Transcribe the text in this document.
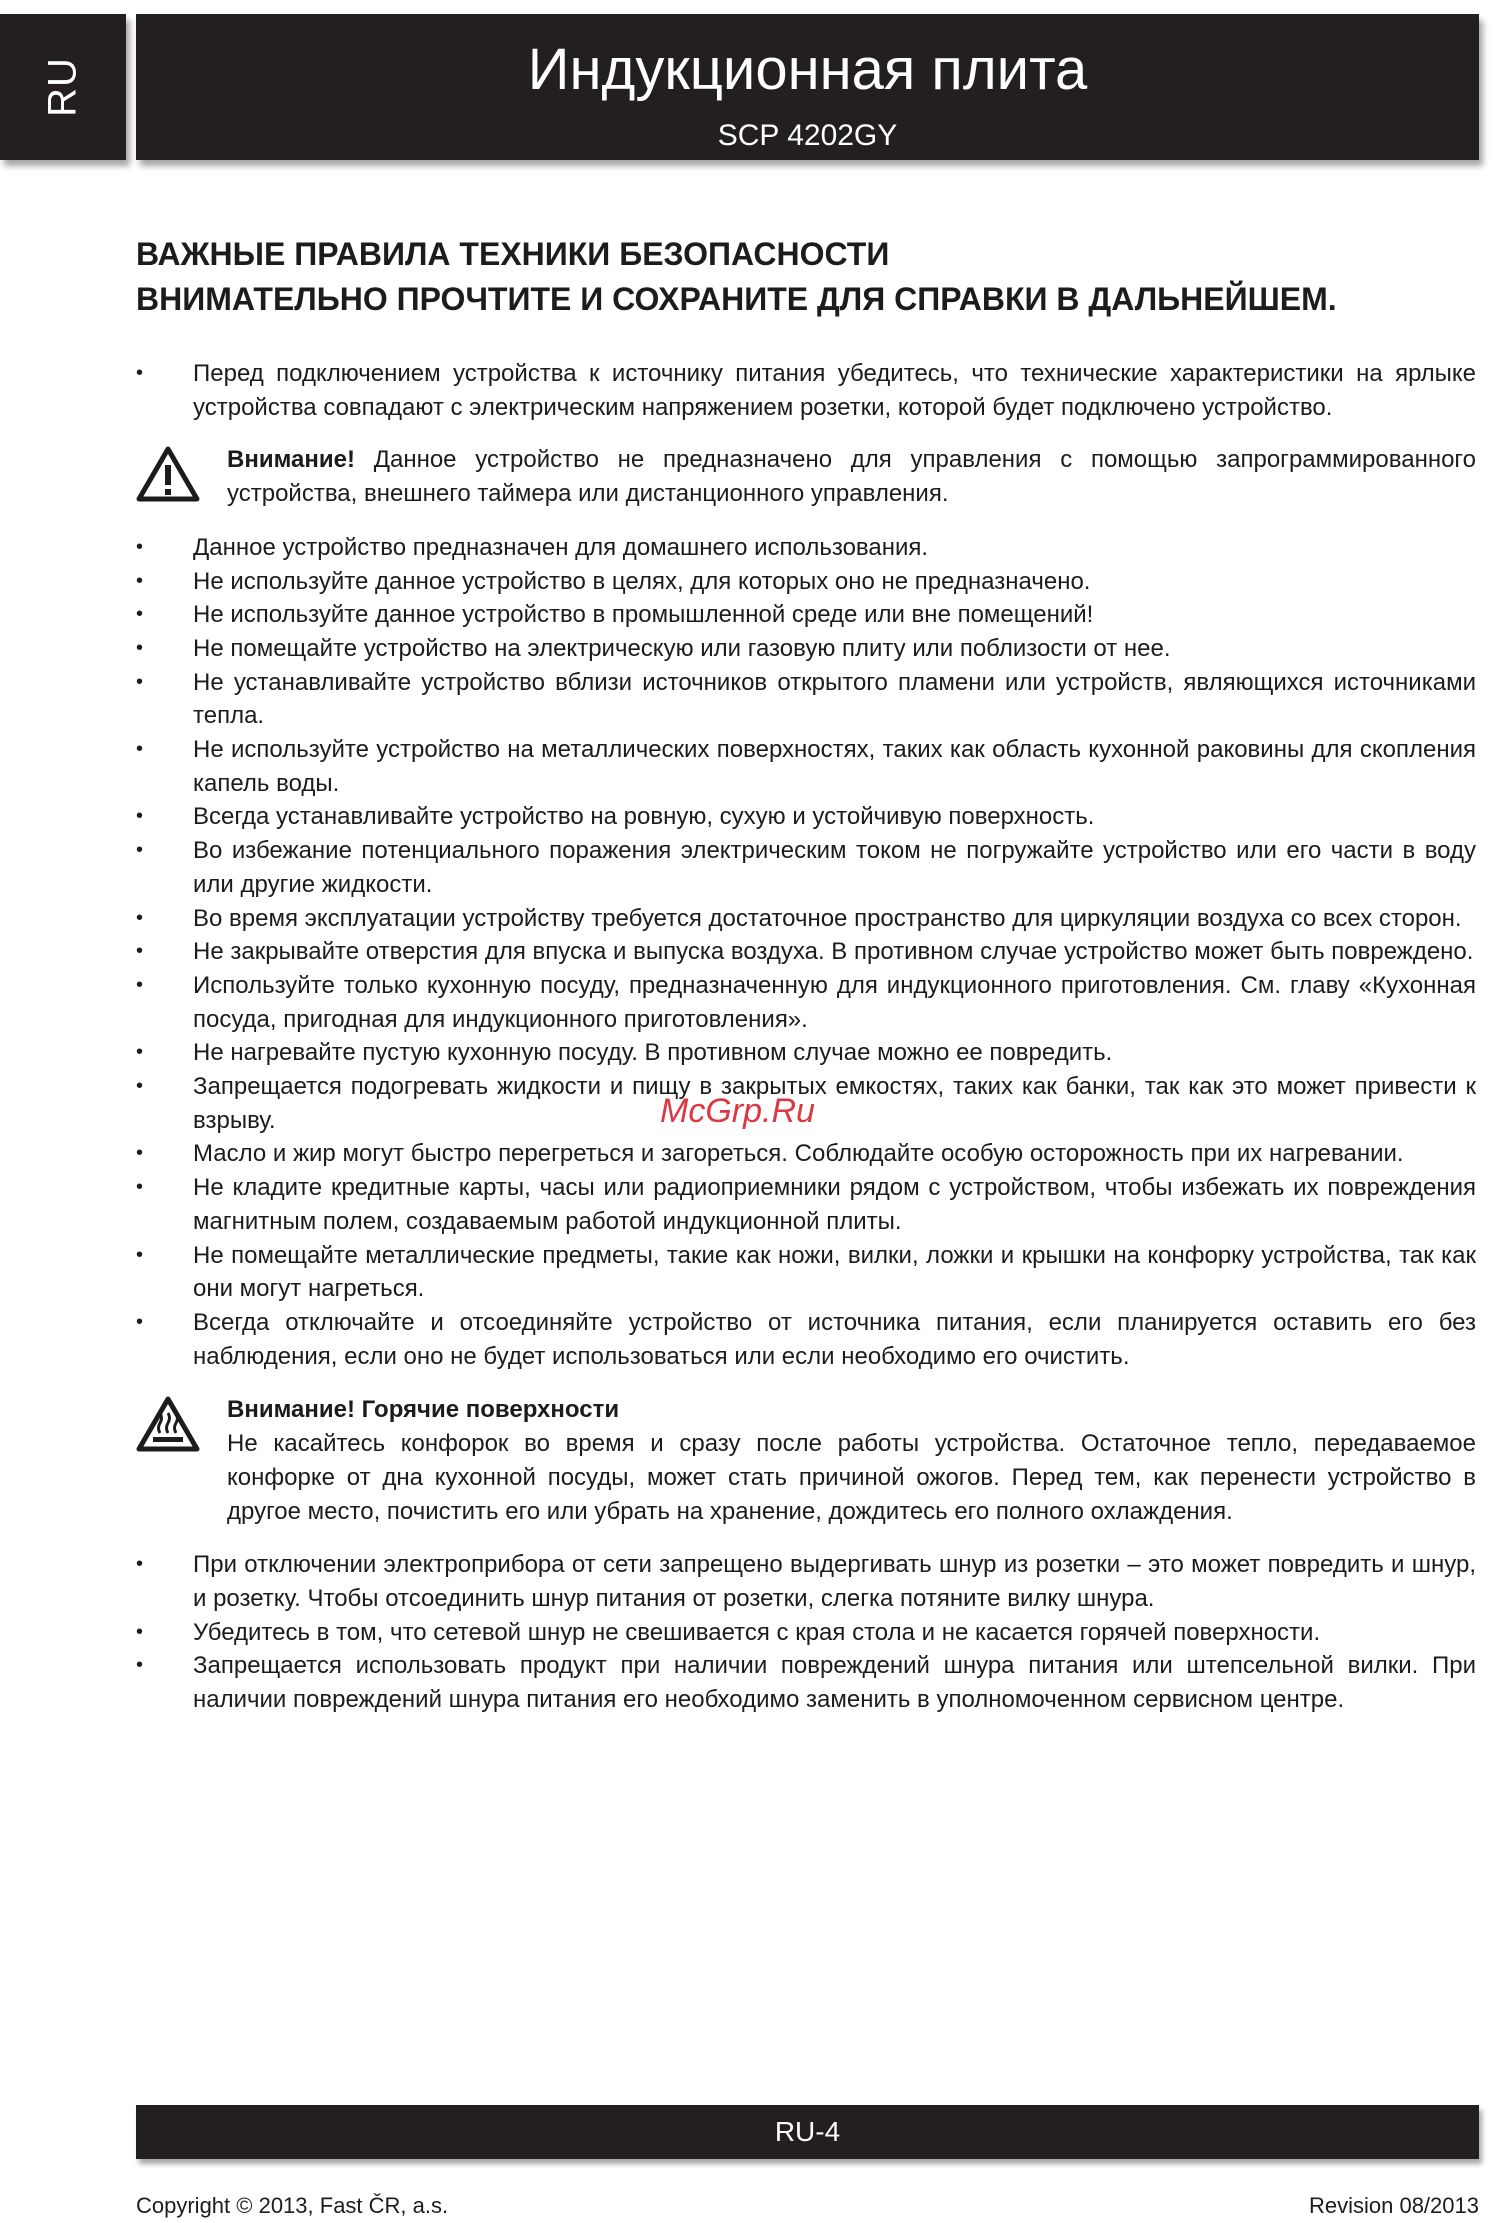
RU	Индукционная плита
SCP 4202GY
ВАЖНЫЕ ПРАВИЛА ТЕХНИКИ БЕЗОПАСНОСТИ
ВНИМАТЕЛЬНО ПРОЧТИТЕ И СОХРАНИТЕ ДЛЯ СПРАВКИ В ДАЛЬНЕЙШЕМ.
• Перед подключением устройства к источнику питания убедитесь, что технические характеристики на ярлыке устройства совпадают с электрическим напряжением розетки, которой будет подключено устройство.
Внимание! Данное устройство не предназначено для управления с помощью запрограммированного устройства, внешнего таймера или дистанционного управления.
• Данное устройство предназначен для домашнего использования.
• Не используйте данное устройство в целях, для которых оно не предназначено.
• Не используйте данное устройство в промышленной среде или вне помещений!
• Не помещайте устройство на электрическую или газовую плиту или поблизости от нее.
• Не устанавливайте устройство вблизи источников открытого пламени или устройств, являющихся источниками тепла.
• Не используйте устройство на металлических поверхностях, таких как область кухонной раковины для скопления капель воды.
• Всегда устанавливайте устройство на ровную, сухую и устойчивую поверхность.
• Во избежание потенциального поражения электрическим током не погружайте устройство или его части в воду или другие жидкости.
• Во время эксплуатации устройству требуется достаточное пространство для циркуляции воздуха со всех сторон.
• Не закрывайте отверстия для впуска и выпуска воздуха. В противном случае устройство может быть повреждено.
• Используйте только кухонную посуду, предназначенную для индукционного приготовления. См. главу «Кухонная посуда, пригодная для индукционного приготовления».
• Не нагревайте пустую кухонную посуду. В противном случае можно ее повредить.
• Запрещается подогревать жидкости и пищу в закрытых емкостях, таких как банки, так как это может привести к взрыву.
• Масло и жир могут быстро перегреться и загореться. Соблюдайте особую осторожность при их нагревании.
• Не кладите кредитные карты, часы или радиоприемники рядом с устройством, чтобы избежать их повреждения магнитным полем, создаваемым работой индукционной плиты.
• Не помещайте металлические предметы, такие как ножи, вилки, ложки и крышки на конфорку устройства, так как они могут нагреться.
• Всегда отключайте и отсоединяйте устройство от источника питания, если планируется оставить его без наблюдения, если оно не будет использоваться или если необходимо его очистить.
Внимание! Горячие поверхности
Не касайтесь конфорок во время и сразу после работы устройства. Остаточное тепло, передаваемое конфорке от дна кухонной посуды, может стать причиной ожогов. Перед тем, как перенести устройство в другое место, почистить его или убрать на хранение, дождитесь его полного охлаждения.
• При отключении электроприбора от сети запрещено выдергивать шнур из розетки – это может повредить и шнур, и розетку. Чтобы отсоединить шнур питания от розетки, слегка потяните вилку шнура.
• Убедитесь в том, что сетевой шнур не свешивается с края стола и не касается горячей поверхности.
• Запрещается использовать продукт при наличии повреждений шнура питания или штепсельной вилки. При наличии повреждений шнура питания его необходимо заменить в уполномоченном сервисном центре.
McGrp.Ru
RU-4
Copyright © 2013, Fast ČR, a.s.	Revision 08/2013
